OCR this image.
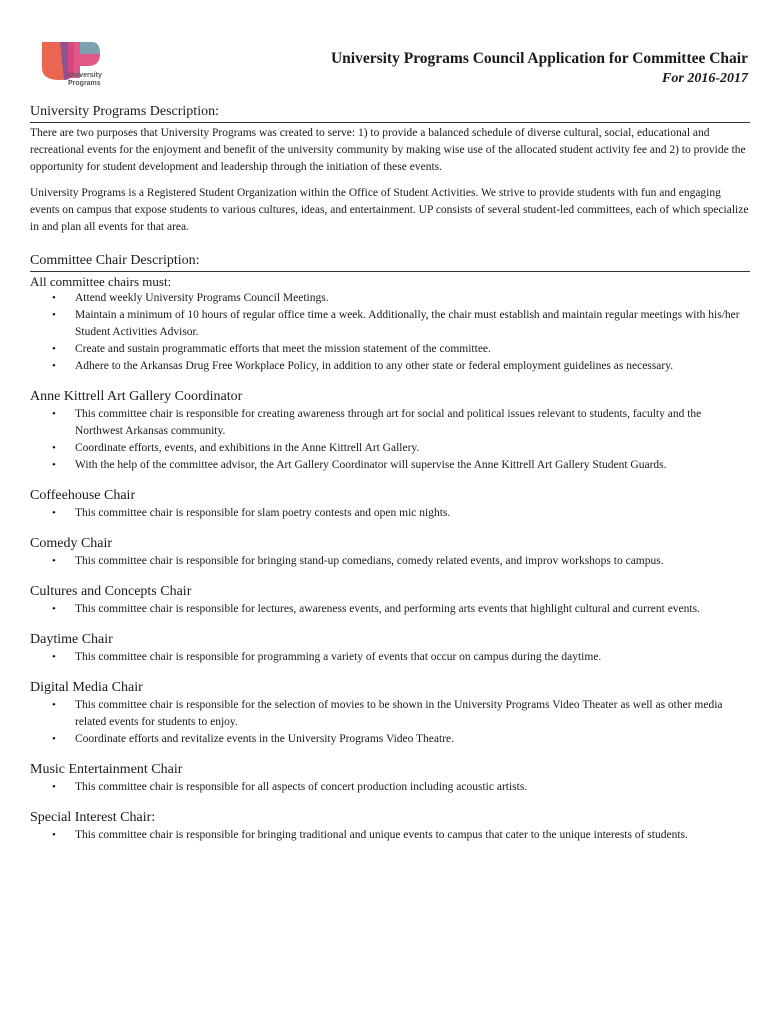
University
Programs
University Programs Council Application for Committee Chair
For 2016-2017
University Programs Description:

There are two purposes that University Programs was created to serve: 1) to provide a balanced schedule of diverse cultural, social, educational and recreational events for the enjoyment and benefit of the university community by making wise use of the allocated student activity fee and 2) to provide the opportunity for student development and leadership through the initiation of these events.

University Programs is a Registered Student Organization within the Office of Student Activities. We strive to provide students with fun and engaging events on campus that expose students to various cultures, ideas, and entertainment. UP consists of several student-led committees, each of which specialize in and plan all events for that area.

Committee Chair Description:
All committee chairs must:
• Attend weekly University Programs Council Meetings.
• Maintain a minimum of 10 hours of regular office time a week. Additionally, the chair must establish and maintain regular meetings with his/her Student Activities Advisor.
• Create and sustain programmatic efforts that meet the mission statement of the committee.
• Adhere to the Arkansas Drug Free Workplace Policy, in addition to any other state or federal employment guidelines as necessary.
Anne Kittrell Art Gallery Coordinator
• This committee chair is responsible for creating awareness through art for social and political issues relevant to students, faculty and the Northwest Arkansas community.
• Coordinate efforts, events, and exhibitions in the Anne Kittrell Art Gallery.
• With the help of the committee advisor, the Art Gallery Coordinator will supervise the Anne Kittrell Art Gallery Student Guards.
Coffeehouse Chair
• This committee chair is responsible for slam poetry contests and open mic nights.
Comedy Chair
• This committee chair is responsible for bringing stand-up comedians, comedy related events, and improv workshops to campus.
Cultures and Concepts Chair
• This committee chair is responsible for lectures, awareness events, and performing arts events that highlight cultural and current events.
Daytime Chair
• This committee chair is responsible for programming a variety of events that occur on campus during the daytime.
Digital Media Chair
• This committee chair is responsible for the selection of movies to be shown in the University Programs Video Theater as well as other media related events for students to enjoy.
• Coordinate efforts and revitalize events in the University Programs Video Theatre.
Music Entertainment Chair
• This committee chair is responsible for all aspects of concert production including acoustic artists.
Special Interest Chair:
• This committee chair is responsible for bringing traditional and unique events to campus that cater to the unique interests of students.
